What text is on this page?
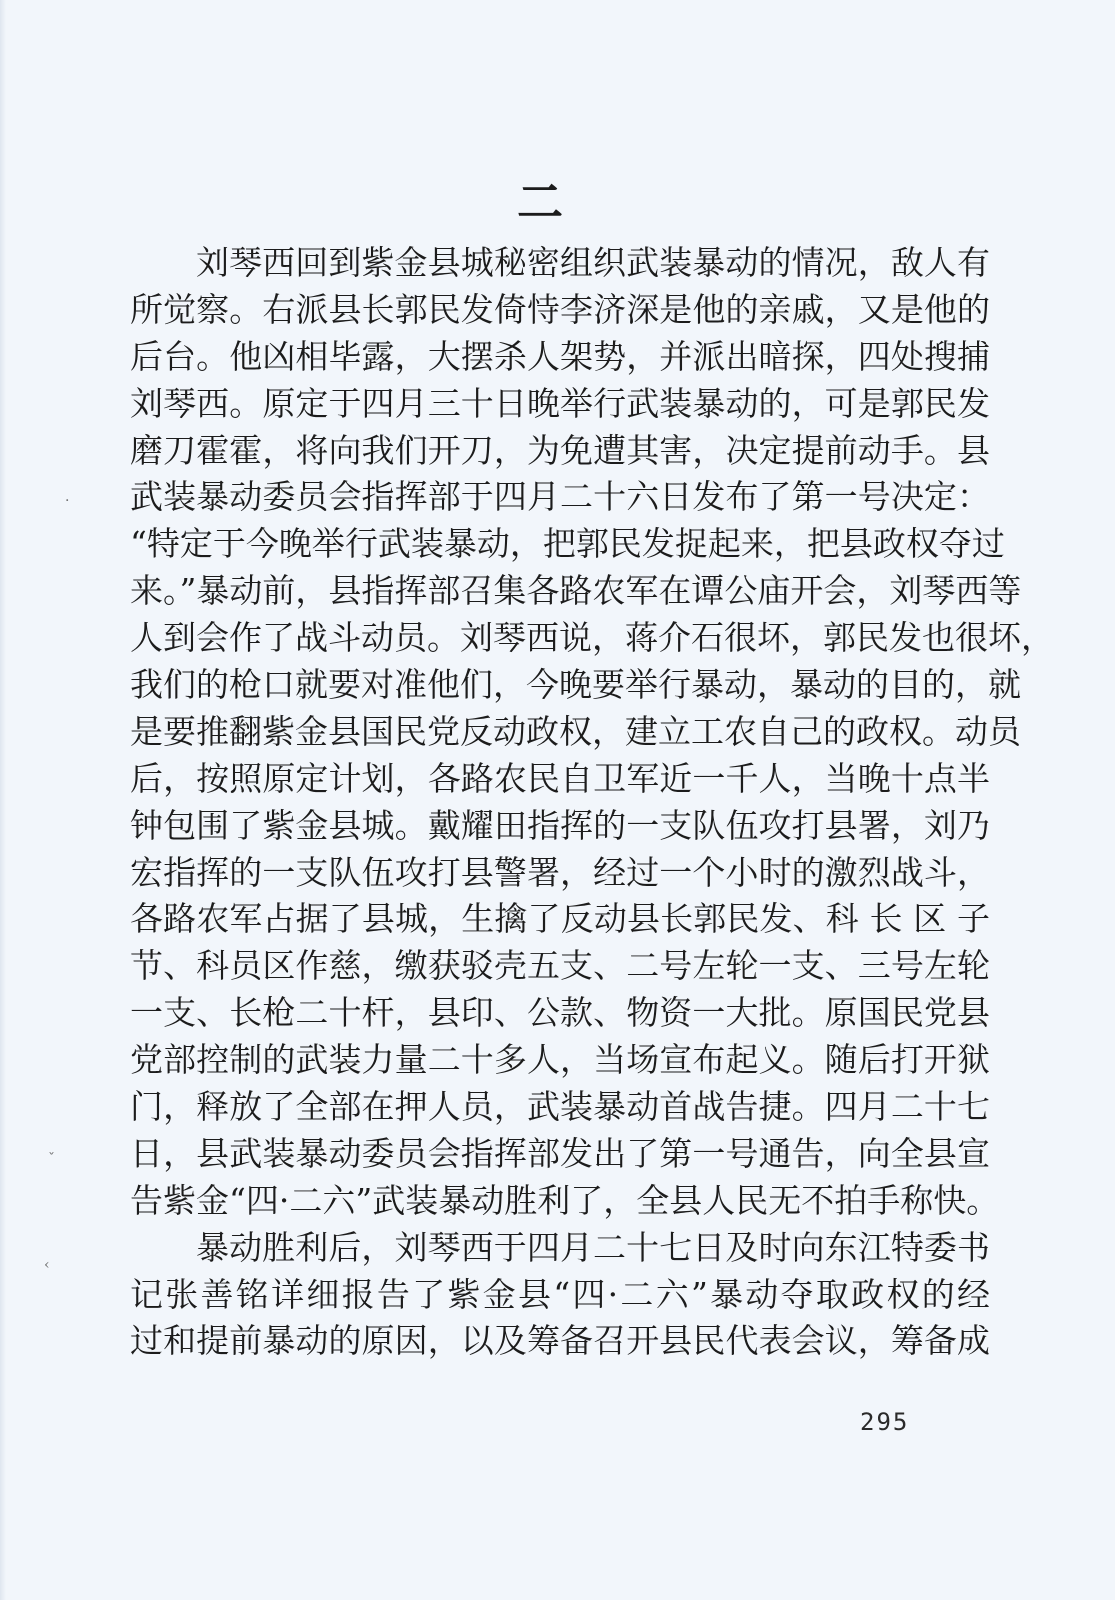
·
ˇ
‹
二
刘琴西回到紫金县城秘密组织武装暴动的情况，敌人有
所觉察。右派县长郭民发倚恃李济深是他的亲戚，又是他的
后台。他凶相毕露，大摆杀人架势，并派出暗探，四处搜捕
刘琴西。原定于四月三十日晚举行武装暴动的，可是郭民发
磨刀霍霍，将向我们开刀，为免遭其害，决定提前动手。县
武装暴动委员会指挥部于四月二十六日发布了第一号决定：
“特定于今晚举行武装暴动，把郭民发捉起来，把县政权夺过
来。”暴动前，县指挥部召集各路农军在谭公庙开会，刘琴西等
人到会作了战斗动员。刘琴西说，蒋介石很坏，郭民发也很坏，
我们的枪口就要对准他们，今晚要举行暴动，暴动的目的，就
是要推翻紫金县国民党反动政权，建立工农自己的政权。动员
后，按照原定计划，各路农民自卫军近一千人，当晚十点半
钟包围了紫金县城。戴耀田指挥的一支队伍攻打县署，刘乃
宏指挥的一支队伍攻打县警署，经过一个小时的激烈战斗，
各路农军占据了县城，生擒了反动县长郭民发、科 长 区 子
节、科员区作慈，缴获驳壳五支、二号左轮一支、三号左轮
一支、长枪二十杆，县印、公款、物资一大批。原国民党县
党部控制的武装力量二十多人，当场宣布起义。随后打开狱
门，释放了全部在押人员，武装暴动首战告捷。四月二十七
日，县武装暴动委员会指挥部发出了第一号通告，向全县宣
告紫金“四·二六”武装暴动胜利了，全县人民无不拍手称快。
暴动胜利后，刘琴西于四月二十七日及时向东江特委书
记张善铭详细报告了紫金县“四·二六”暴动夺取政权的经
过和提前暴动的原因，以及筹备召开县民代表会议，筹备成
295
